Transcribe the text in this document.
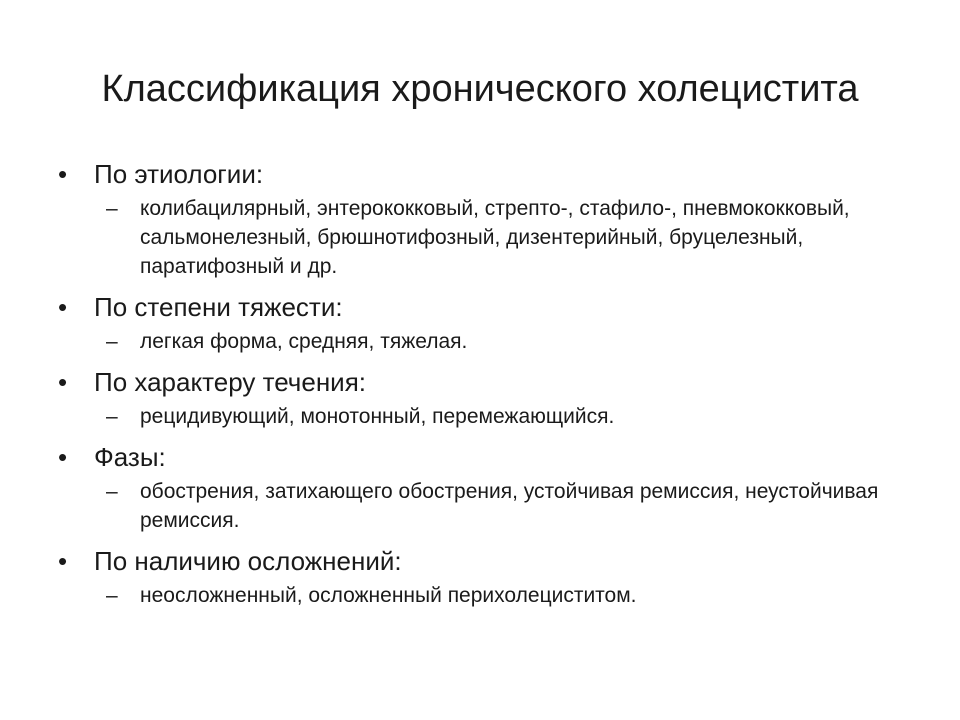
Классификация хронического холецистита
•	По этиологии:
–	колибацилярный, энтерококковый, стрепто-, стафило-, пневмококковый, сальмонелезный, брюшнотифозный, дизентерийный, бруцелезный, паратифозный и др.
•	По степени тяжести:
–	легкая форма, средняя, тяжелая.
•	По характеру течения:
–	рецидивующий, монотонный, перемежающийся.
•	Фазы:
–	обострения, затихающего обострения, устойчивая ремиссия, неустойчивая ремиссия.
•	По наличию осложнений:
–	неосложненный, осложненный перихолециститом.
